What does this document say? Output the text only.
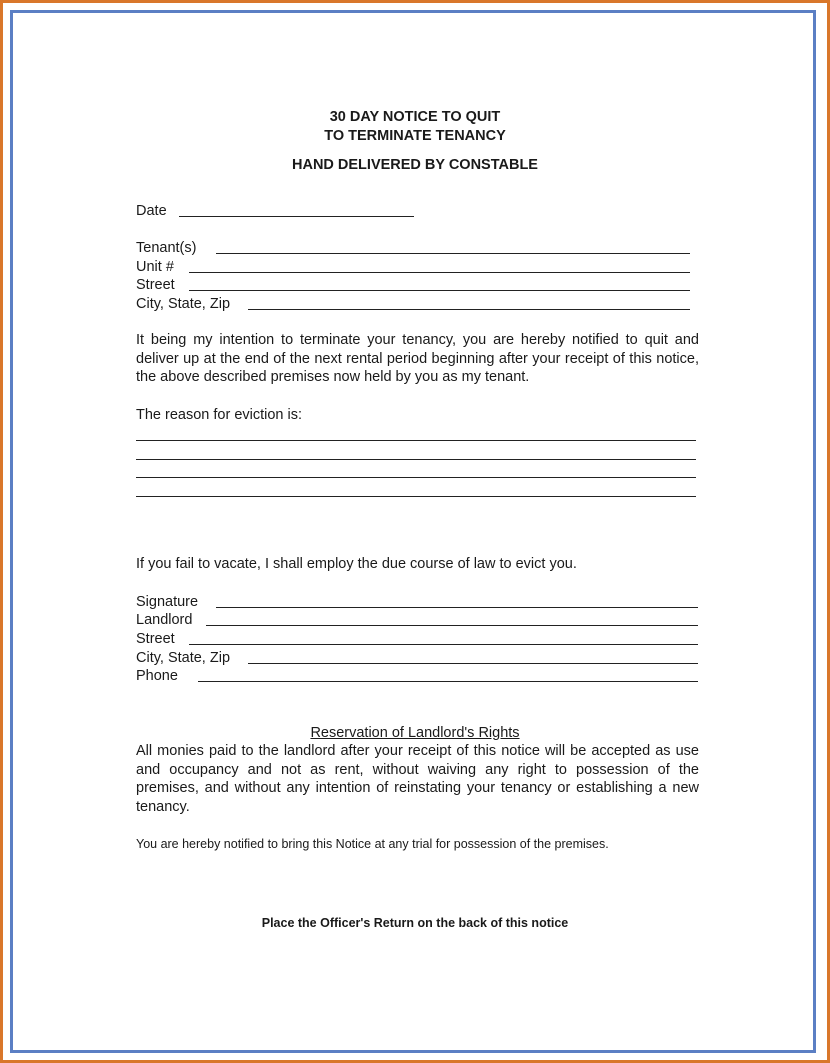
30 DAY NOTICE TO QUIT
TO TERMINATE TENANCY
HAND DELIVERED BY CONSTABLE
Date
Tenant(s)
Unit #
Street
City, State, Zip
It being my intention to terminate your tenancy, you are hereby notified to quit and deliver up at the end of the next rental period beginning after your receipt of this notice, the above described premises now held by you as my tenant.
The reason for eviction is:
If you fail to vacate, I shall employ the due course of law to evict you.
Signature
Landlord
Street
City, State, Zip
Phone
Reservation of Landlord's Rights
All monies paid to the landlord after your receipt of this notice will be accepted as use and occupancy and not as rent, without waiving any right to possession of the premises, and without any intention of reinstating your tenancy or establishing a new tenancy.
You are hereby notified to bring this Notice at any trial for possession of the premises.
Place the Officer's Return on the back of this notice
